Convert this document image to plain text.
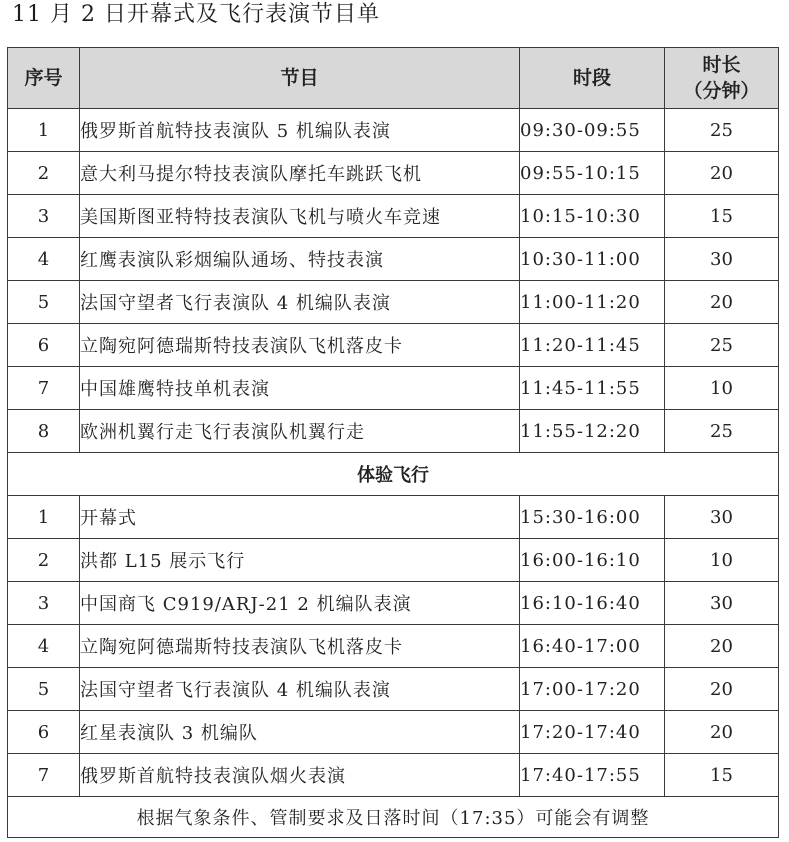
11 月 2 日开幕式及飞行表演节目单
序号	节目	时段	时长
（分钟）

1	俄罗斯首航特技表演队 5 机编队表演	09:30-09:55	25
2	意大利马提尔特技表演队摩托车跳跃飞机	09:55-10:15	20
3	美国斯图亚特特技表演队飞机与喷火车竞速	10:15-10:30	15
4	红鹰表演队彩烟编队通场、特技表演	10:30-11:00	30
5	法国守望者飞行表演队 4 机编队表演	11:00-11:20	20
6	立陶宛阿德瑞斯特技表演队飞机落皮卡	11:20-11:45	25
7	中国雄鹰特技单机表演	11:45-11:55	10
8	欧洲机翼行走飞行表演队机翼行走	11:55-12:20	25
体验飞行			
1	开幕式	15:30-16:00	30
2	洪都 L15 展示飞行	16:00-16:10	10
3	中国商飞 C919/ARJ-21 2 机编队表演	16:10-16:40	30
4	立陶宛阿德瑞斯特技表演队飞机落皮卡	16:40-17:00	20
5	法国守望者飞行表演队 4 机编队表演	17:00-17:20	20
6	红星表演队 3 机编队	17:20-17:40	20
7	俄罗斯首航特技表演队烟火表演	17:40-17:55	15
根据气象条件、管制要求及日落时间（17:35）可能会有调整			
